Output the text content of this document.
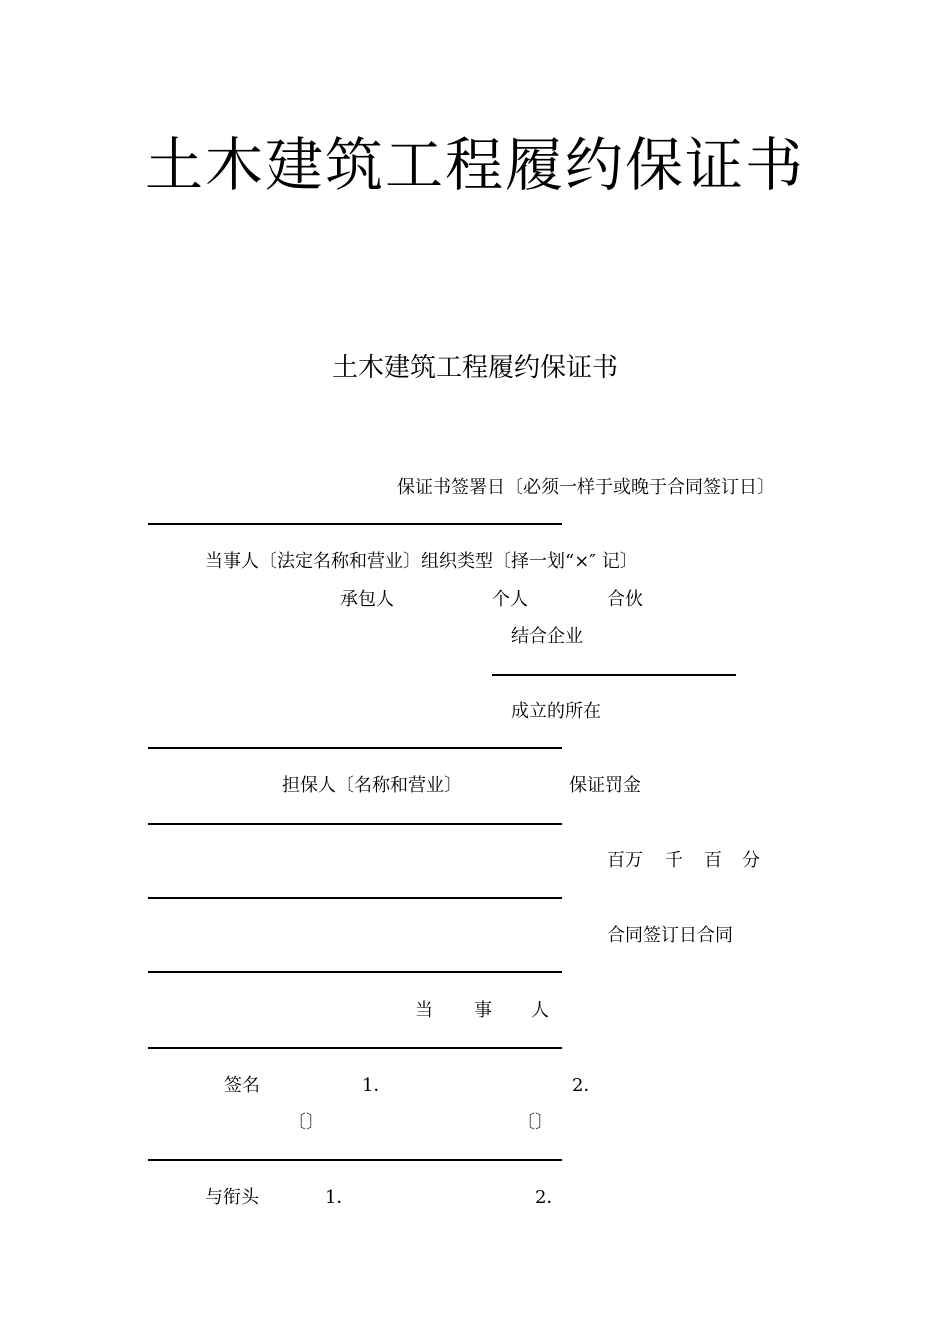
土木建筑工程履约保证书
土木建筑工程履约保证书
保证书签署日〔必须一样于或晚于合同签订日〕
当事人〔法定名称和营业〕组织类型〔择一划“×″ 记〕
承包人	个人	合伙
结合企业
成立的所在
担保人〔名称和营业〕	保证罚金
百万 千 百 分
合同签订日合同
当 事 人
签名	1．	2．
〔〕	〔〕
与衔头	1．	2．
